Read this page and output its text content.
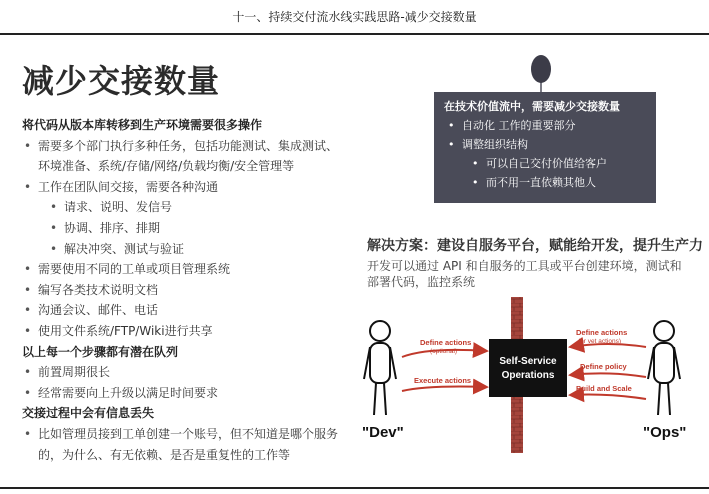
十一、持续交付流水线实践思路-减少交接数量
减少交接数量
将代码从版本库转移到生产环境需要很多操作
• 需要多个部门执行多种任务，包括功能测试、集成测试、
环境准备、系统/存储/网络/负载均衡/安全管理等
• 工作在团队间交接，需要各种沟通
• 请求、说明、发信号
• 协调、排序、排期
• 解决冲突、测试与验证
• 需要使用不同的工单或项目管理系统
• 编写各类技术说明文档
• 沟通会议、邮件、电话
• 使用文件系统/FTP/Wiki进行共享
以上每一个步骤都有潜在队列
• 前置周期很长
• 经常需要向上升级以满足时间要求
交接过程中会有信息丢失
• 比如管理员接到工单创建一个账号，但不知道是哪个服务
的，为什么、有无依赖、是否是重复性的工作等
在技术价值流中，需要减少交接数量
• 自动化 工作的重要部分
• 调整组织结构
• 可以自己交付价值给客户
• 而不用一直依赖其他人
解决方案：建设自服务平台，赋能给开发，提升生产力
开发可以通过 API 和自服务的工具或平台创建环境，测试和部署代码，监控系统
"Dev"	"Ops"
Self-Service
Operations
Define actions
(optional)
Execute actions
Define actions
(or vet actions)
Define policy
Build and Scale
